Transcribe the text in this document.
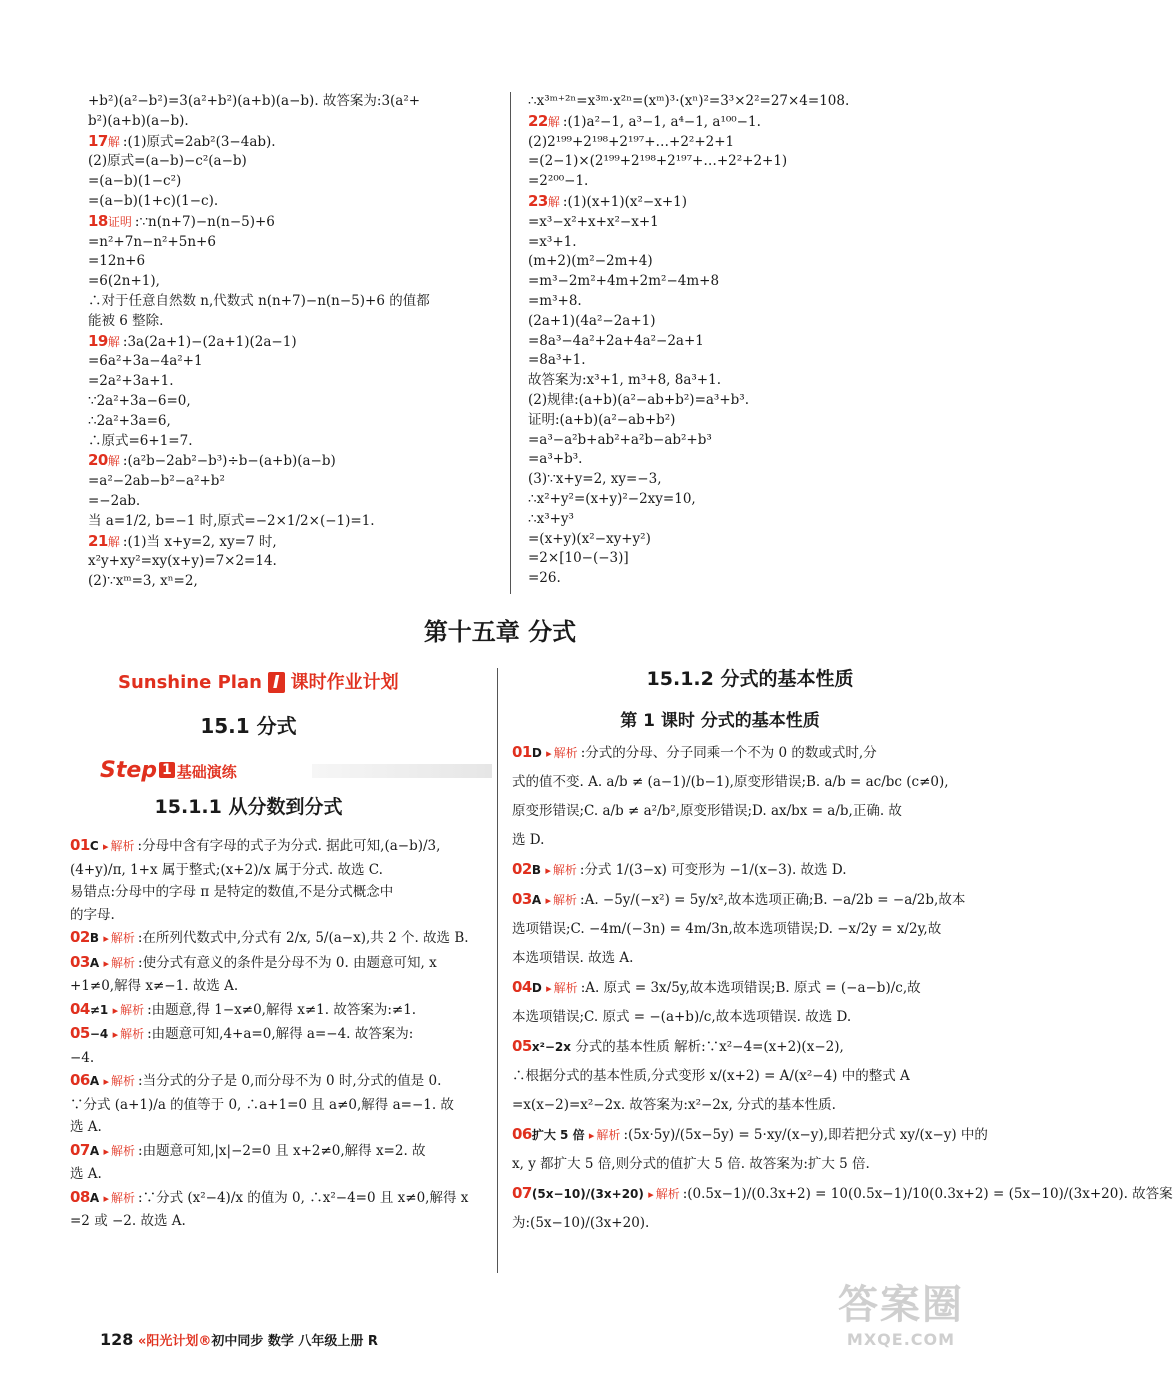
+b²)(a²−b²)=3(a²+b²)(a+b)(a−b). 故答案为:3(a²+
b²)(a+b)(a−b).
17解 :(1)原式=2ab²(3−4ab).
(2)原式=(a−b)−c²(a−b)
=(a−b)(1−c²)
=(a−b)(1+c)(1−c).
18证明 :∵n(n+7)−n(n−5)+6
=n²+7n−n²+5n+6
=12n+6
=6(2n+1),
∴对于任意自然数 n,代数式 n(n+7)−n(n−5)+6 的值都
能被 6 整除.
19解 :3a(2a+1)−(2a+1)(2a−1)
=6a²+3a−4a²+1
=2a²+3a+1.
∵2a²+3a−6=0,
∴2a²+3a=6,
∴原式=6+1=7.
20解 :(a²b−2ab²−b³)÷b−(a+b)(a−b)
=a²−2ab−b²−a²+b²
=−2ab.
当 a=1/2, b=−1 时,原式=−2×1/2×(−1)=1.
21解 :(1)当 x+y=2, xy=7 时,
x²y+xy²=xy(x+y)=7×2=14.
(2)∵xᵐ=3, xⁿ=2,
∴x³ᵐ⁺²ⁿ=x³ᵐ·x²ⁿ=(xᵐ)³·(xⁿ)²=3³×2²=27×4=108.
22解 :(1)a²−1, a³−1, a⁴−1, a¹⁰⁰−1.
(2)2¹⁹⁹+2¹⁹⁸+2¹⁹⁷+…+2²+2+1
=(2−1)×(2¹⁹⁹+2¹⁹⁸+2¹⁹⁷+…+2²+2+1)
=2²⁰⁰−1.
23解 :(1)(x+1)(x²−x+1)
=x³−x²+x+x²−x+1
=x³+1.
(m+2)(m²−2m+4)
=m³−2m²+4m+2m²−4m+8
=m³+8.
(2a+1)(4a²−2a+1)
=8a³−4a²+2a+4a²−2a+1
=8a³+1.
故答案为:x³+1, m³+8, 8a³+1.
(2)规律:(a+b)(a²−ab+b²)=a³+b³.
证明:(a+b)(a²−ab+b²)
=a³−a²b+ab²+a²b−ab²+b³
=a³+b³.
(3)∵x+y=2, xy=−3,
∴x²+y²=(x+y)²−2xy=10,
∴x³+y³
=(x+y)(x²−xy+y²)
=2×[10−(−3)]
=26.
第十五章 分式
Sunshine Plan I 课时作业计划
15.1 分式
Step 1 基础演练
15.1.1 从分数到分式
01C ▸ 解析 :分母中含有字母的式子为分式. 据此可知,(a−b)/3,
(4+y)/π, 1+x 属于整式;(x+2)/x 属于分式. 故选 C.
易错点:分母中的字母 π 是特定的数值,不是分式概念中
的字母.
02B ▸ 解析 :在所列代数式中,分式有 2/x, 5/(a−x),共 2 个. 故选 B.
03A ▸ 解析 :使分式有意义的条件是分母不为 0. 由题意可知, x
+1≠0,解得 x≠−1. 故选 A.
04≠1 ▸ 解析 :由题意,得 1−x≠0,解得 x≠1. 故答案为:≠1.
05−4 ▸ 解析 :由题意可知,4+a=0,解得 a=−4. 故答案为:
−4.
06A ▸ 解析 :当分式的分子是 0,而分母不为 0 时,分式的值是 0.
∵分式 (a+1)/a 的值等于 0, ∴a+1=0 且 a≠0,解得 a=−1. 故
选 A.
07A ▸ 解析 :由题意可知,|x|−2=0 且 x+2≠0,解得 x=2. 故
选 A.
08A ▸ 解析 :∵分式 (x²−4)/x 的值为 0, ∴x²−4=0 且 x≠0,解得 x
=2 或 −2. 故选 A.
15.1.2 分式的基本性质
第 1 课时 分式的基本性质
01D ▸ 解析 :分式的分母、分子同乘一个不为 0 的数或式时,分
式的值不变. A. a/b ≠ (a−1)/(b−1),原变形错误;B. a/b = ac/bc (c≠0),
原变形错误;C. a/b ≠ a²/b²,原变形错误;D. ax/bx = a/b,正确. 故
选 D.
02B ▸ 解析 :分式 1/(3−x) 可变形为 −1/(x−3). 故选 D.
03A ▸ 解析 :A. −5y/(−x²) = 5y/x²,故本选项正确;B. −a/2b = −a/2b,故本
选项错误;C. −4m/(−3n) = 4m/3n,故本选项错误;D. −x/2y = x/2y,故
本选项错误. 故选 A.
04D ▸ 解析 :A. 原式 = 3x/5y,故本选项错误;B. 原式 = (−a−b)/c,故
本选项错误;C. 原式 = −(a+b)/c,故本选项错误. 故选 D.
05x²−2x 分式的基本性质 解析:∵x²−4=(x+2)(x−2),
∴根据分式的基本性质,分式变形 x/(x+2) = A/(x²−4) 中的整式 A
=x(x−2)=x²−2x. 故答案为:x²−2x, 分式的基本性质.
06扩大 5 倍 ▸ 解析 :(5x·5y)/(5x−5y) = 5·xy/(x−y),即若把分式 xy/(x−y) 中的
x, y 都扩大 5 倍,则分式的值扩大 5 倍. 故答案为:扩大 5 倍.
07(5x−10)/(3x+20) ▸ 解析 :(0.5x−1)/(0.3x+2) = 10(0.5x−1)/10(0.3x+2) = (5x−10)/(3x+20). 故答案
为:(5x−10)/(3x+20).
128 «阳光计划®初中同步 数学 八年级上册 R
答案圈
MXQE.COM
